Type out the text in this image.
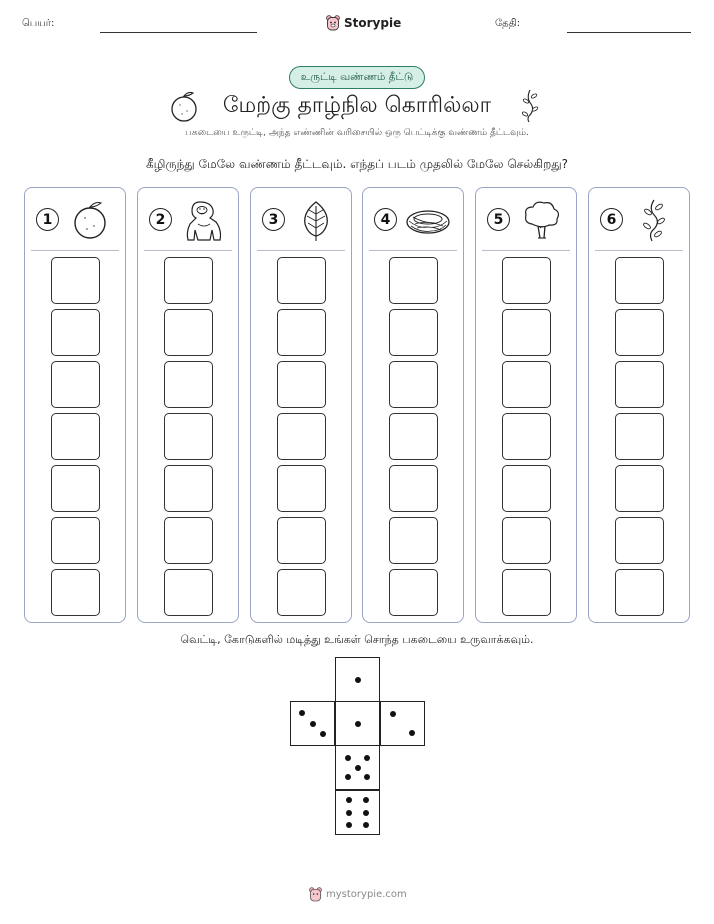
பெயர்:	Storypie	தேதி:
உருட்டி வண்ணம் தீட்டு
மேற்கு தாழ்நில கொரில்லா
பகடையை உருட்டி, அந்த எண்ணின் வரிசையில் ஒரு பெட்டிக்கு வண்ணம் தீட்டவும்.
கீழிருந்து மேலே வண்ணம் தீட்டவும். எந்தப் படம் முதலில் மேலே செல்கிறது?
1	2	3	4	5	6
வெட்டி, கோடுகளில் மடித்து உங்கள் சொந்த பகடையை உருவாக்கவும்.
mystorypie.com
